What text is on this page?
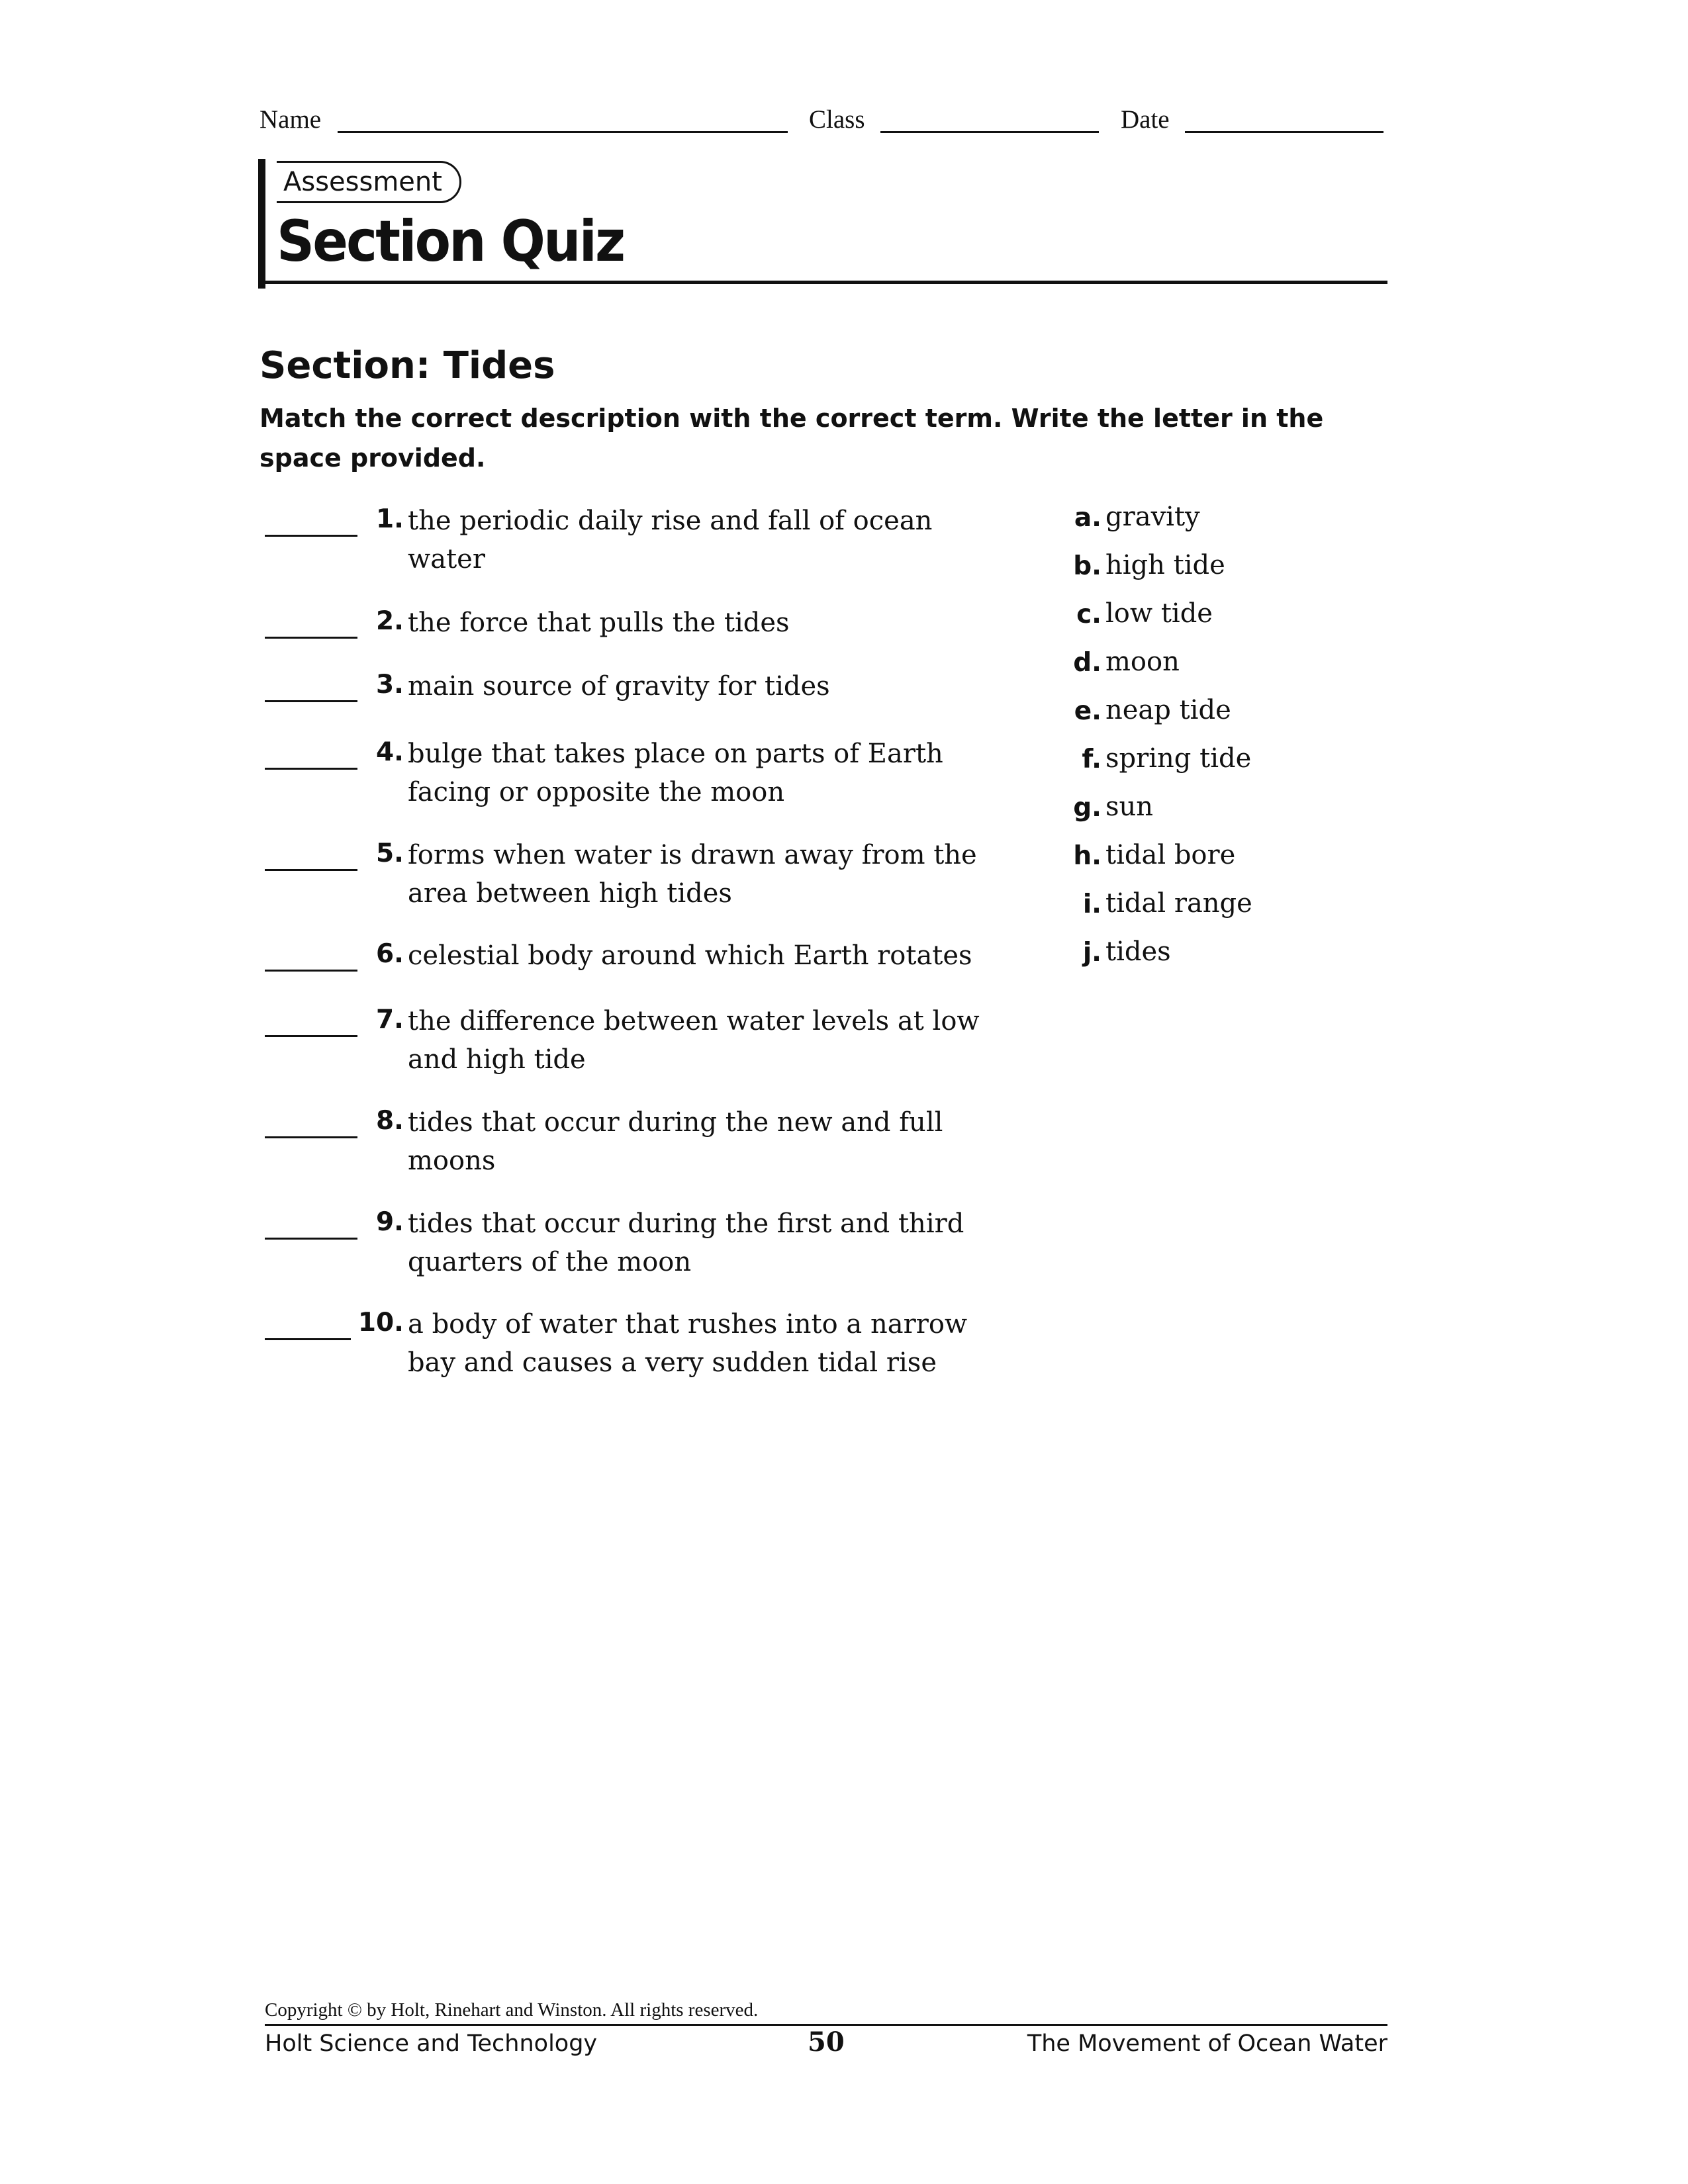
Name	Class	Date
Assessment
Section Quiz
Section: Tides
Match the correct description with the correct term. Write the letter in the space provided.
1. the periodic daily rise and fall of ocean water
2. the force that pulls the tides
3. main source of gravity for tides
4. bulge that takes place on parts of Earth facing or opposite the moon
5. forms when water is drawn away from the area between high tides
6. celestial body around which Earth rotates
7. the difference between water levels at low and high tide
8. tides that occur during the new and full moons
9. tides that occur during the first and third quarters of the moon
10. a body of water that rushes into a narrow bay and causes a very sudden tidal rise
a. gravity
b. high tide
c. low tide
d. moon
e. neap tide
f. spring tide
g. sun
h. tidal bore
i. tidal range
j. tides
Copyright © by Holt, Rinehart and Winston. All rights reserved.
Holt Science and Technology	50	The Movement of Ocean Water
